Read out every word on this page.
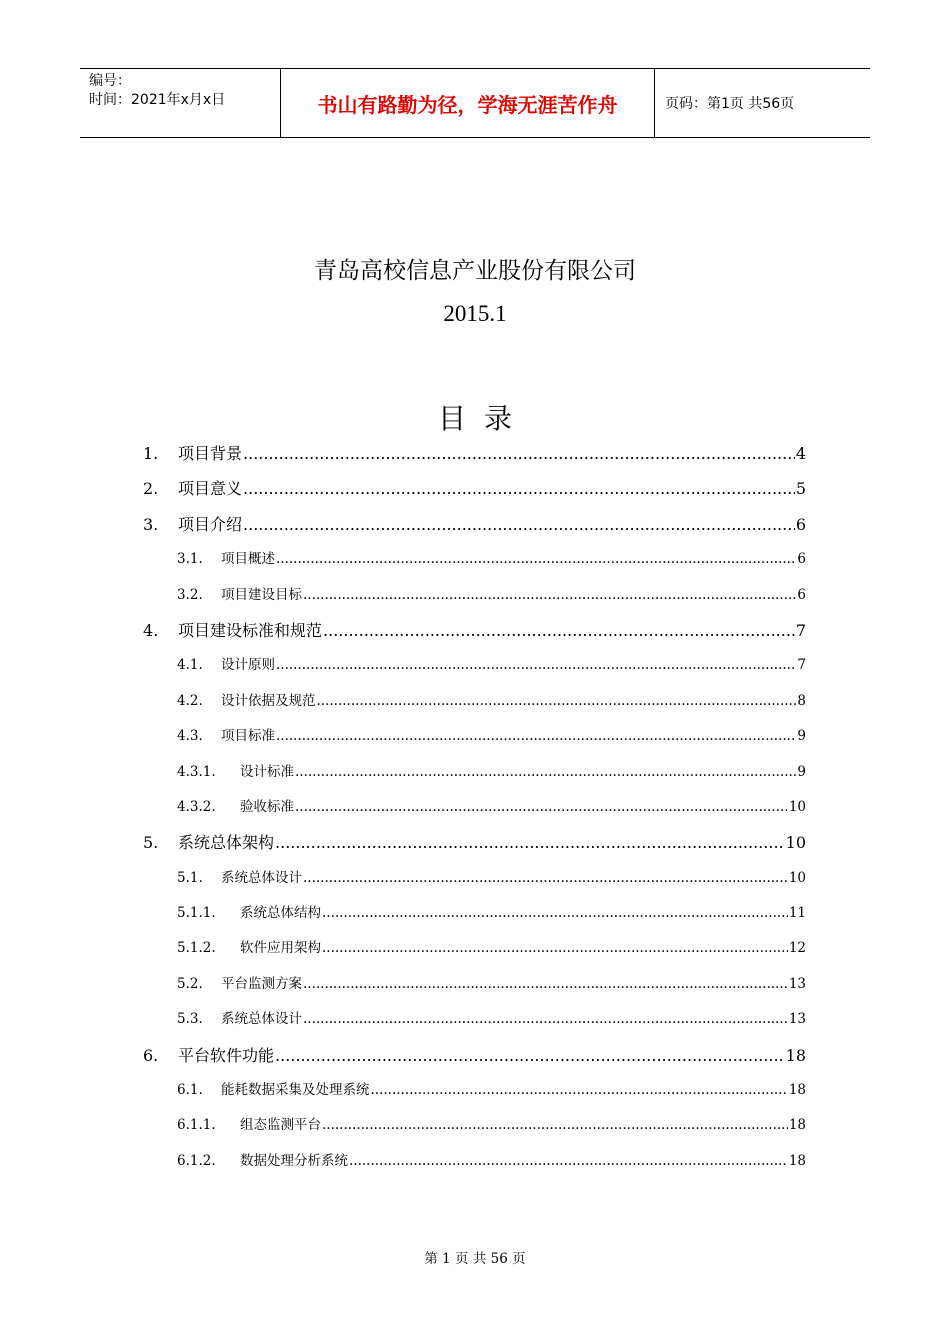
编号：
时间：2021年x月x日	书山有路勤为径，学海无涯苦作舟	页码：第1页 共56页
青岛高校信息产业股份有限公司
2015.1
目录
1.	项目背景 .....	4
2.	项目意义 .....	5
3.	项目介绍 .....	6
3.1.	项目概述 .....	6
3.2.	项目建设目标 .....	6
4.	项目建设标准和规范 .....	7
4.1.	设计原则 .....	7
4.2.	设计依据及规范 .....	8
4.3.	项目标准 .....	9
4.3.1.	设计标准 .....	9
4.3.2.	验收标准 .....	10
5.	系统总体架构 .....	10
5.1.	系统总体设计 .....	10
5.1.1.	系统总体结构 .....	11
5.1.2.	软件应用架构 .....	12
5.2.	平台监测方案 .....	13
5.3.	系统总体设计 .....	13
6.	平台软件功能 .....	18
6.1.	能耗数据采集及处理系统 .....	18
6.1.1.	组态监测平台 .....	18
6.1.2.	数据处理分析系统 .....	18
第 1 页 共 56 页
